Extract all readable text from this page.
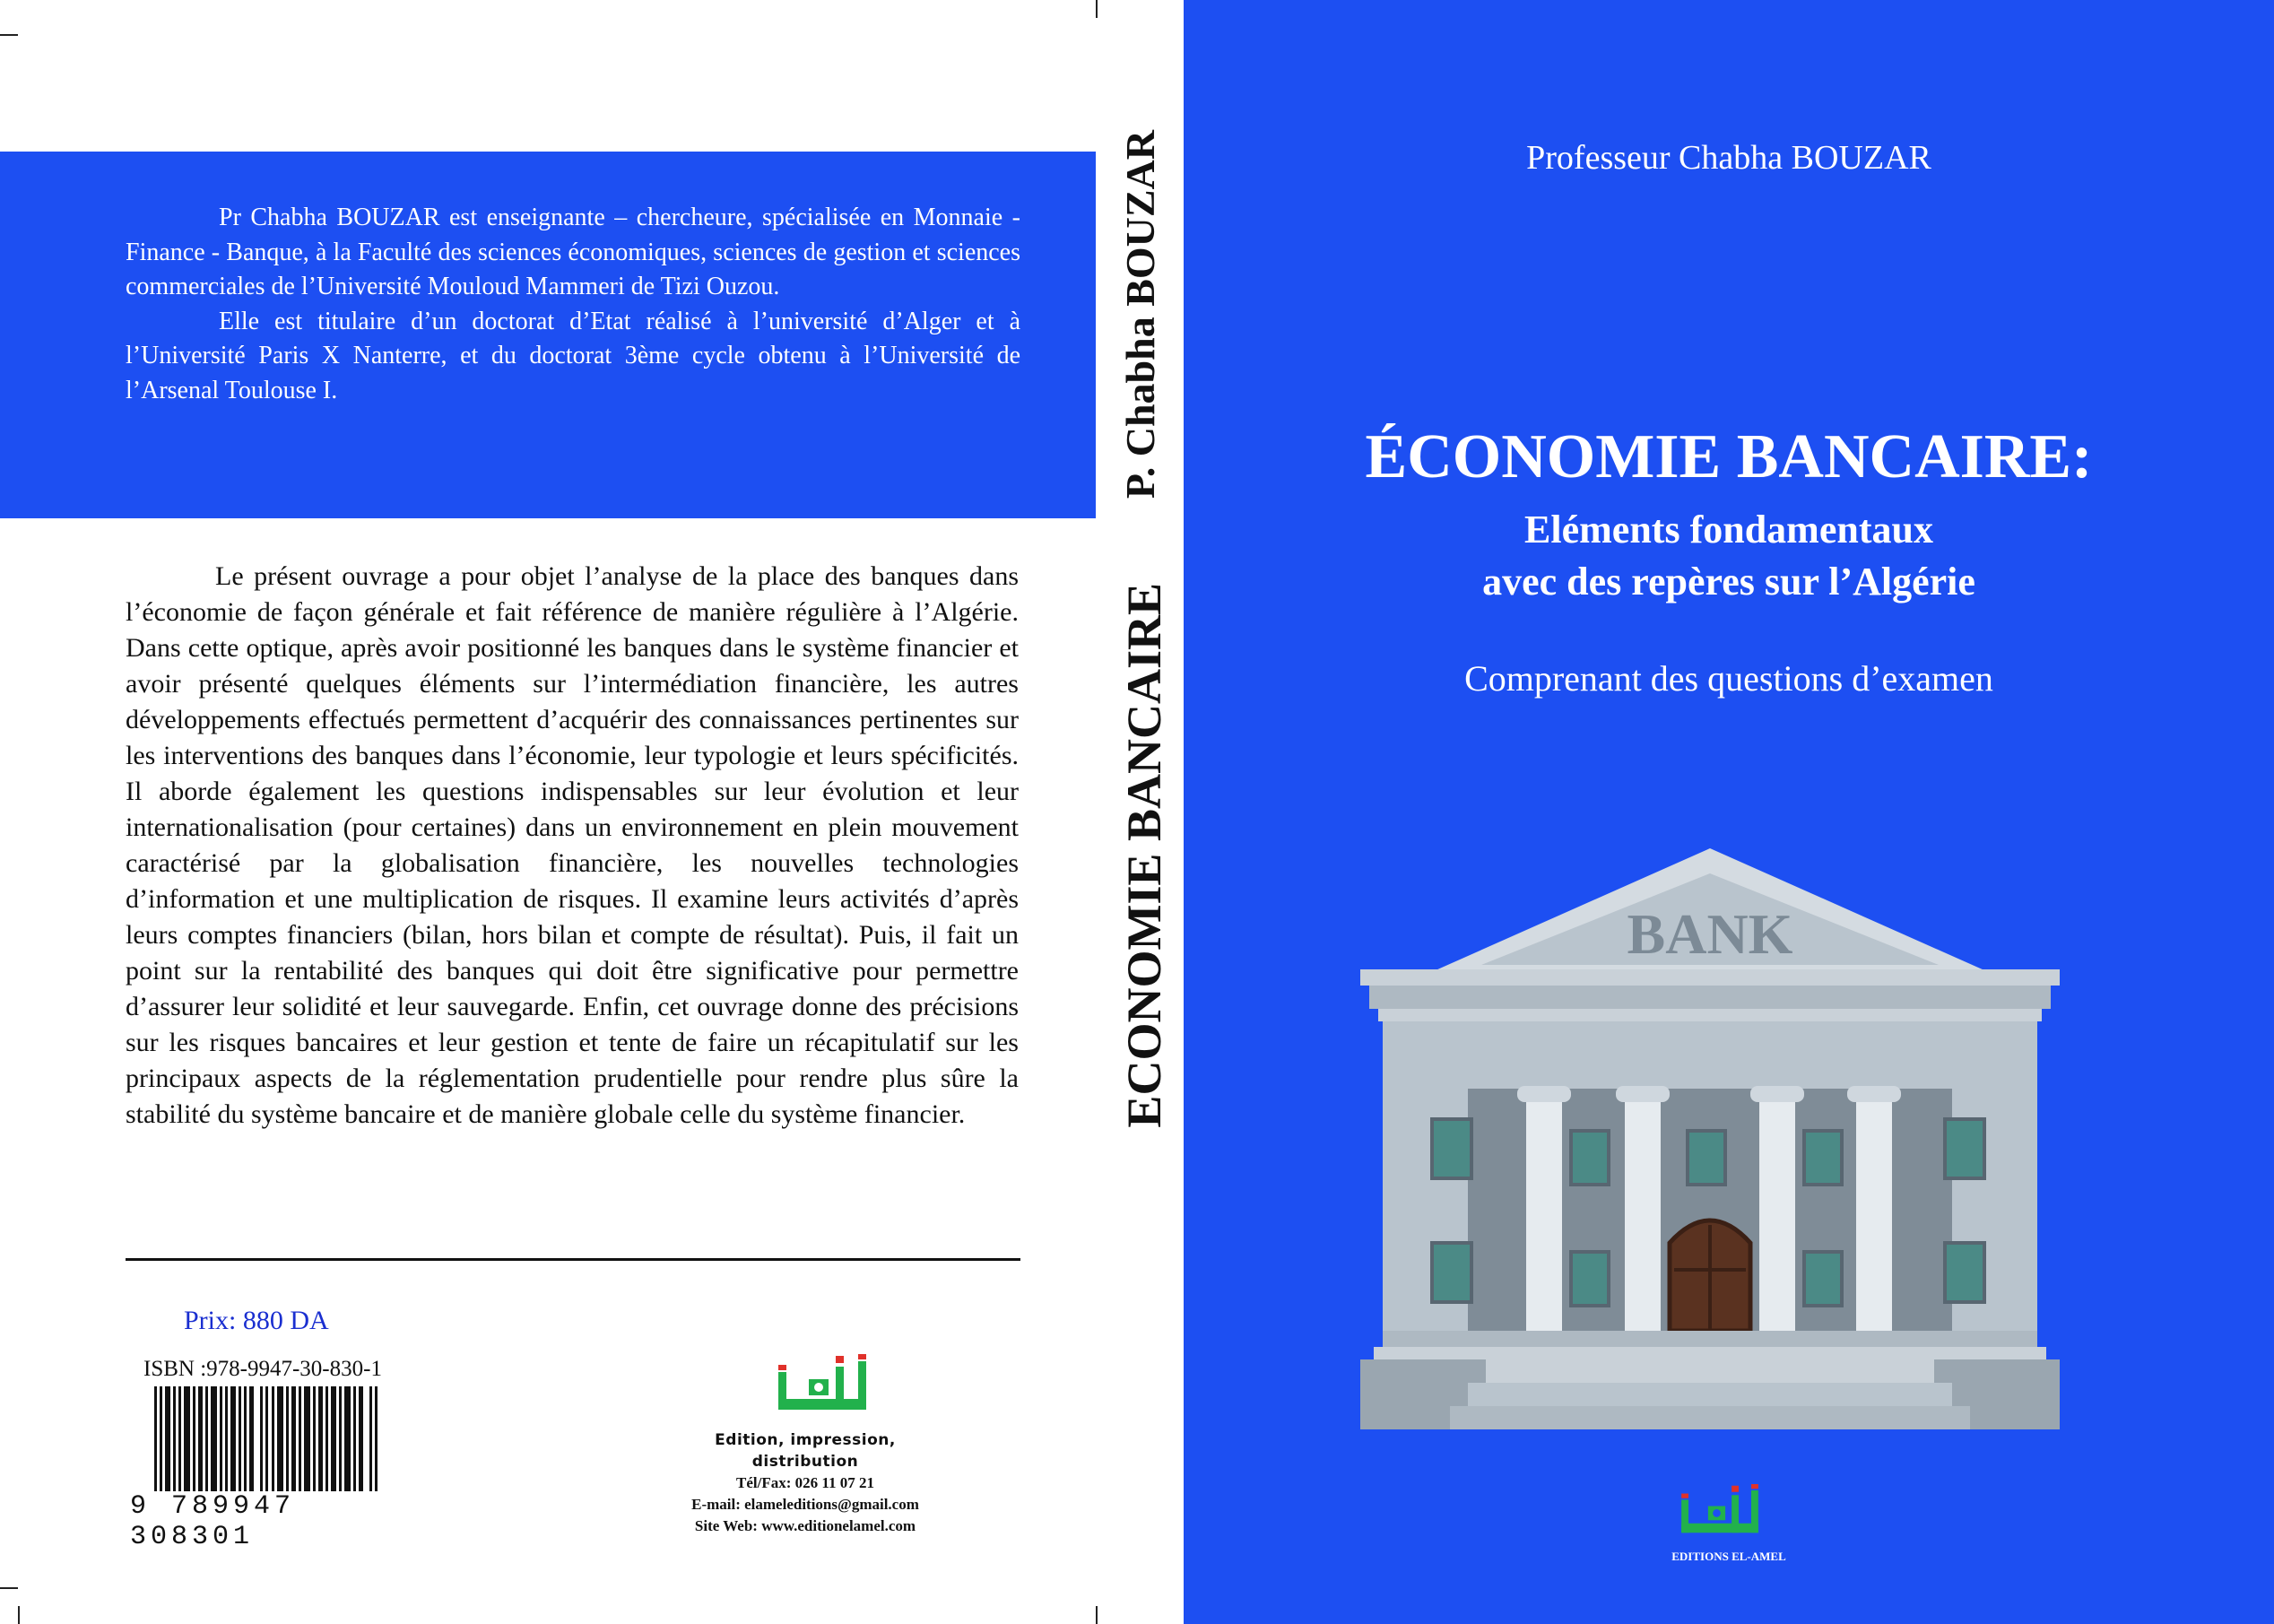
Pr Chabha BOUZAR est enseignante – chercheure, spécialisée en Monnaie - Finance - Banque, à la Faculté des sciences économiques, sciences de gestion et sciences commerciales de l’Université Mouloud Mammeri de Tizi Ouzou.

Elle est titulaire d’un doctorat d’Etat réalisé à l’université d’Alger et à l’Université Paris X Nanterre, et du doctorat 3ème cycle obtenu à l’Université de l’Arsenal Toulouse I.

Le présent ouvrage a pour objet l’analyse de la place des banques dans l’économie de façon générale et fait référence de manière régulière à l’Algérie. Dans cette optique, après avoir positionné les banques dans le système financier et avoir présenté quelques éléments sur l’intermédiation financière, les autres développements effectués permettent d’acquérir des connaissances pertinentes sur les interventions des banques dans l’économie, leur typologie et leurs spécificités. Il aborde également les questions indispensables sur leur évolution et leur internationalisation (pour certaines) dans un environnement en plein mouvement caractérisé par la globalisation financière, les nouvelles technologies d’information et une multiplication de risques. Il examine leurs activités d’après leurs comptes financiers (bilan, hors bilan et compte de résultat). Puis, il fait un point sur la rentabilité des banques qui doit être significative pour permettre d’assurer leur solidité et leur sauvegarde. Enfin, cet ouvrage donne des précisions sur les risques bancaires et leur gestion et tente de faire un récapitulatif sur les principaux aspects de la réglementation prudentielle pour rendre plus sûre la stabilité du système bancaire et de manière globale celle du système financier.

Prix: 880 DA
ISBN :978-9947-30-830-1
9 789947 308301
Edition, impression, distribution
Tél/Fax: 026 11 07 21
E-mail: elameleditions@gmail.com
Site Web: www.editionelamel.com
P. Chabha BOUZAR
ECONOMIE BANCAIRE
Professeur Chabha BOUZAR
ÉCONOMIE BANCAIRE:
Eléments fondamentaux
avec des repères sur l’Algérie
Comprenant des questions d’examen
BANK
EDITIONS EL-AMEL
